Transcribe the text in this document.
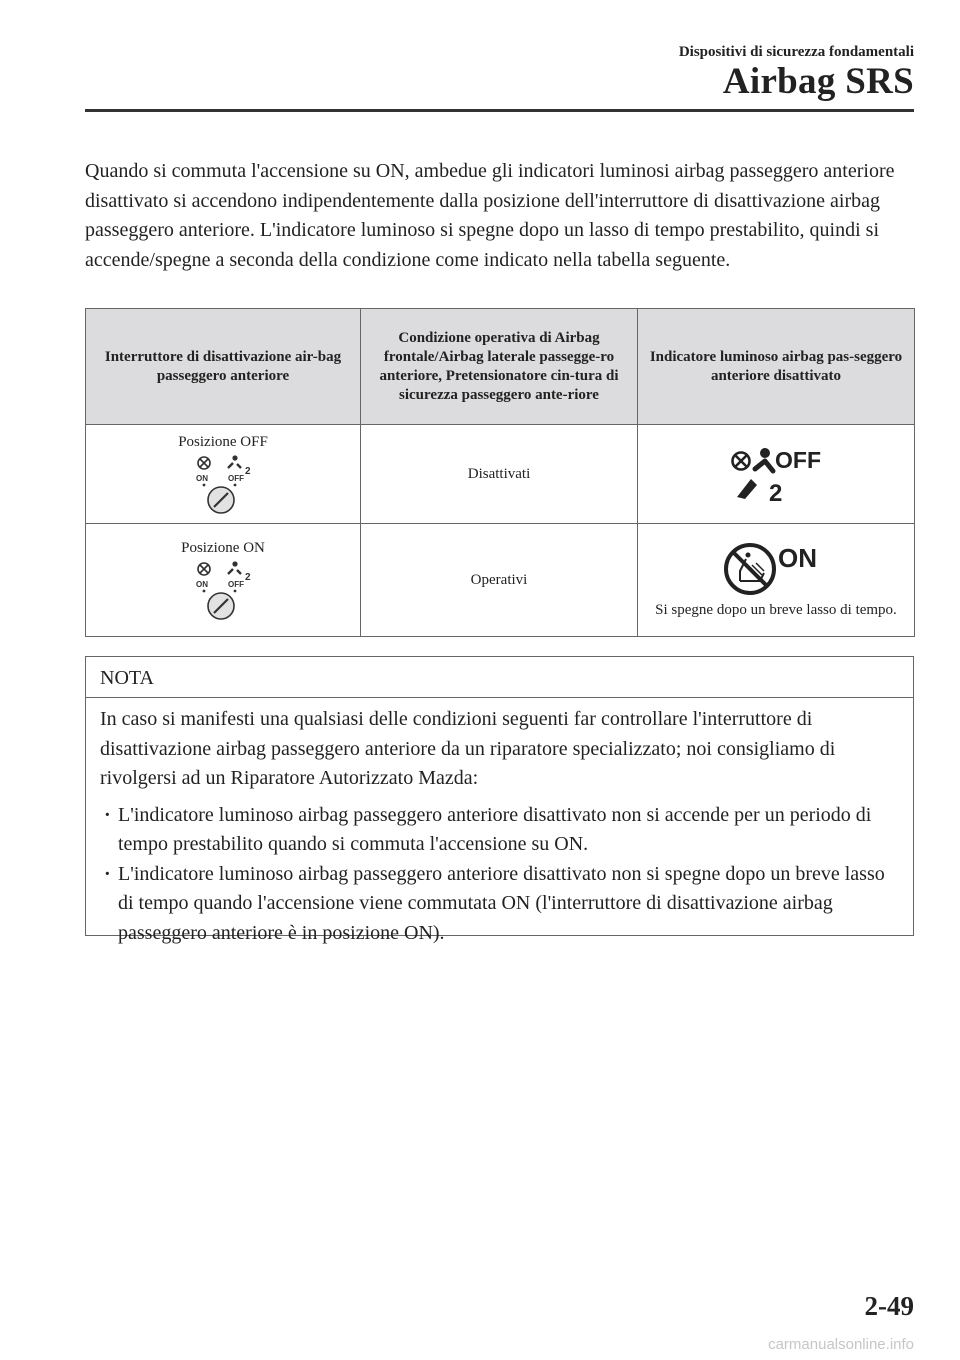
Dispositivi di sicurezza fondamentali
Airbag SRS
Quando si commuta l'accensione su ON, ambedue gli indicatori luminosi airbag passeggero anteriore disattivato si accendono indipendentemente dalla posizione dell'interruttore di disattivazione airbag passeggero anteriore. L'indicatore luminoso si spegne dopo un lasso di tempo prestabilito, quindi si accende/spegne a seconda della condizione come indicato nella tabella seguente.
Interruttore di disattivazione air-bag passeggero anteriore	Condizione operativa di Airbag frontale/Airbag laterale passegge-ro anteriore, Pretensionatore cin-tura di sicurezza passeggero ante-riore	Indicatore luminoso airbag pas-seggero anteriore disattivato

Posizione OFF
2
ON OFF	Disattivati	OFF
2

Posizione ON
2
ON OFF	Operativi	ON
Si spegne dopo un breve lasso di tempo.
NOTA
In caso si manifesti una qualsiasi delle condizioni seguenti far controllare l'interruttore di disattivazione airbag passeggero anteriore da un riparatore specializzato; noi consigliamo di rivolgersi ad un Riparatore Autorizzato Mazda:
· L'indicatore luminoso airbag passeggero anteriore disattivato non si accende per un periodo di tempo prestabilito quando si commuta l'accensione su ON.
· L'indicatore luminoso airbag passeggero anteriore disattivato non si spegne dopo un breve lasso di tempo quando l'accensione viene commutata ON (l'interruttore di disattivazione airbag passeggero anteriore è in posizione ON).
2-49
carmanualsonline.info
